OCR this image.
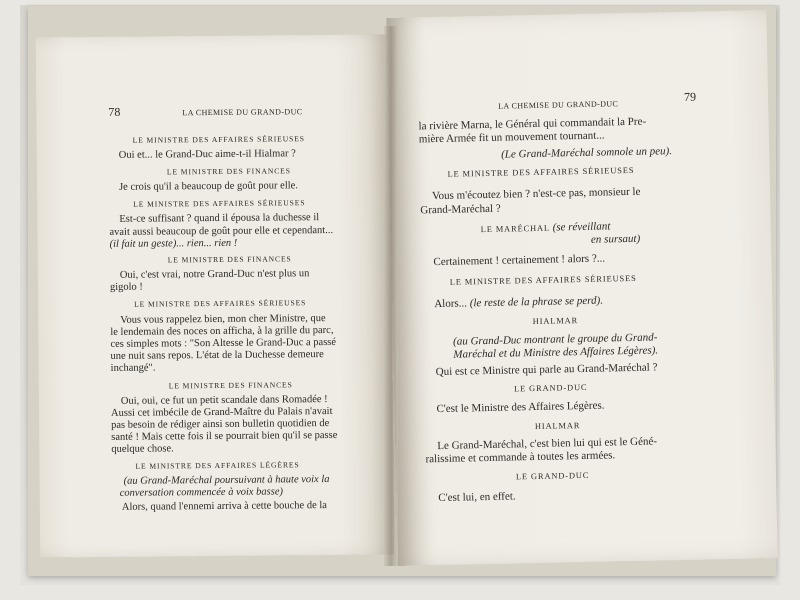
78	LA CHEMISE DU GRAND-DUC
LE MINISTRE DES AFFAIRES SÉRIEUSES
Oui et... le Grand-Duc aime-t-il Hialmar ?
LE MINISTRE DES FINANCES
Je crois qu'il a beaucoup de goût pour elle.
LE MINISTRE DES AFFAIRES SÉRIEUSES
Est-ce suffisant ? quand il épousa la duchesse il
avait aussi beaucoup de goût pour elle et cependant...
(il fait un geste)... rien... rien !
LE MINISTRE DES FINANCES
Oui, c'est vrai, notre Grand-Duc n'est plus un
gigolo !
LE MINISTRE DES AFFAIRES SÉRIEUSES
Vous vous rappelez bien, mon cher Ministre, que
le lendemain des noces on afficha, à la grille du parc,
ces simples mots : "Son Altesse le Grand-Duc a passé
une nuit sans repos. L'état de la Duchesse demeure
inchangé".
LE MINISTRE DES FINANCES
Oui, oui, ce fut un petit scandale dans Romadée !
Aussi cet imbécile de Grand-Maître du Palais n'avait
pas besoin de rédiger ainsi son bulletin quotidien de
santé ! Mais cette fois il se pourrait bien qu'il se passe
quelque chose.
LE MINISTRE DES AFFAIRES LÉGÈRES
(au Grand-Maréchal poursuivant à haute voix la
conversation commencée à voix basse)
Alors, quand l'ennemi arriva à cette bouche de la
LA CHEMISE DU GRAND-DUC
79
la rivière Marna, le Général qui commandait la Pre-
mière Armée fit un mouvement tournant...
(Le Grand-Maréchal somnole un peu).
LE MINISTRE DES AFFAIRES SÉRIEUSES
Vous m'écoutez bien ? n'est-ce pas, monsieur le
Grand-Maréchal ?
LE MARÉCHAL (se réveillant
en sursaut)
Certainement ! certainement ! alors ?...
LE MINISTRE DES AFFAIRES SÉRIEUSES
Alors... (le reste de la phrase se perd).
HIALMAR
(au Grand-Duc montrant le groupe du Grand-
Maréchal et du Ministre des Affaires Légères).
Qui est ce Ministre qui parle au Grand-Maréchal ?
LE GRAND-DUC
C'est le Ministre des Affaires Légères.
HIALMAR
Le Grand-Maréchal, c'est bien lui qui est le Géné-
ralissime et commande à toutes les armées.
LE GRAND-DUC
C'est lui, en effet.
